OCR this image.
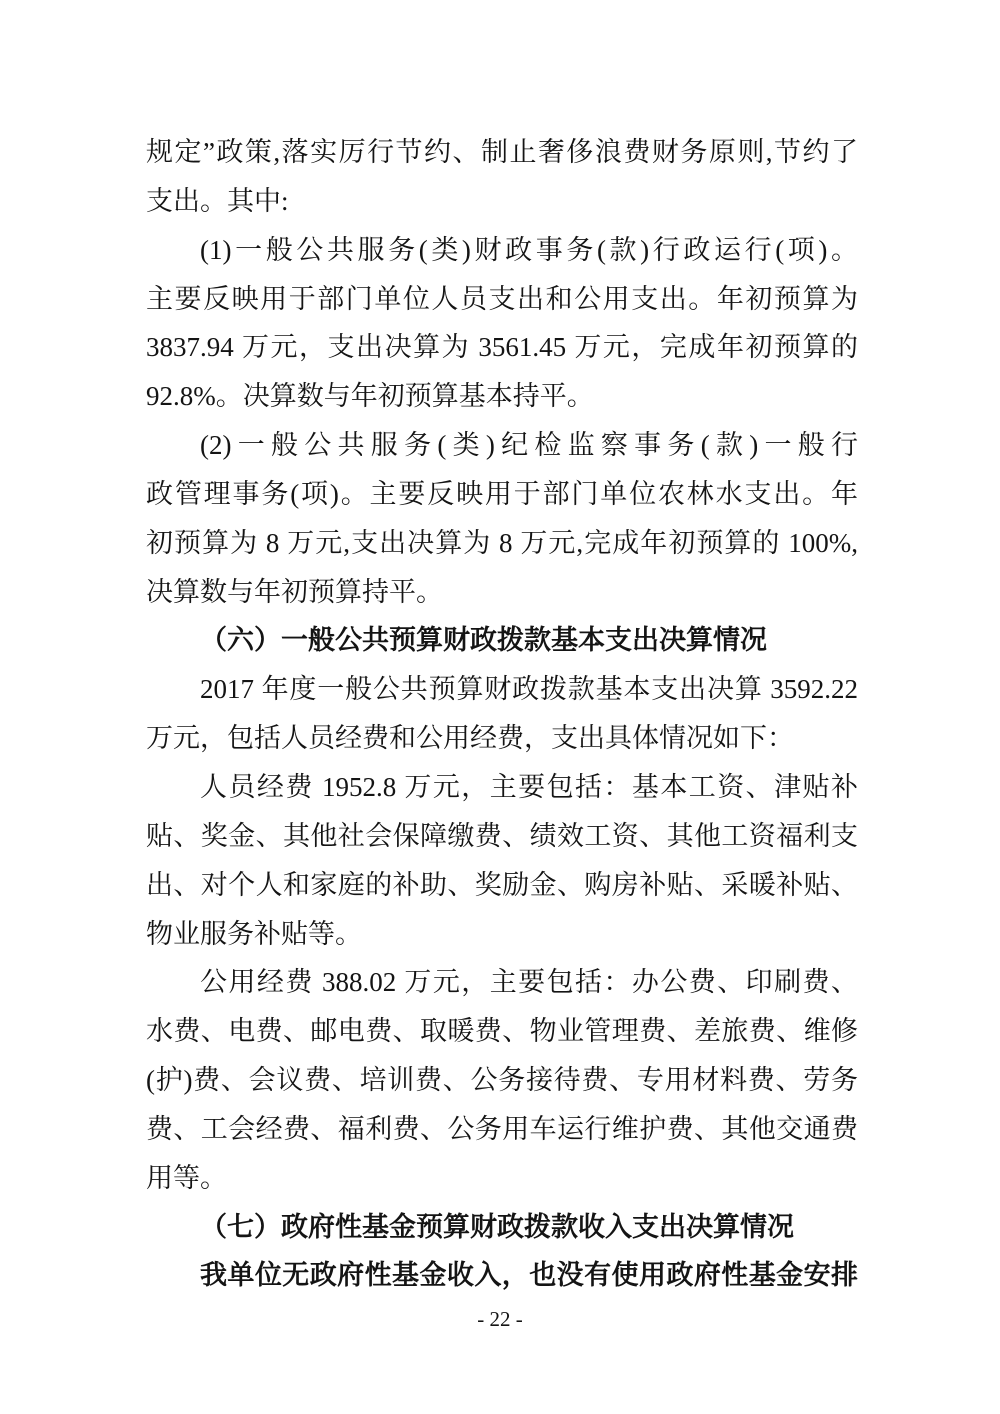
规定”政策,落实厉行节约、制止奢侈浪费财务原则,节约了

支出。其中:

(1)一般公共服务(类)财政事务(款)行政运行(项)。

主要反映用于部门单位人员支出和公用支出。年初预算为

3837.94 万元，支出决算为 3561.45 万元，完成年初预算的

92.8%。决算数与年初预算基本持平。

(2)一般公共服务(类)纪检监察事务(款)一般行

政管理事务(项)。主要反映用于部门单位农林水支出。年

初预算为 8 万元,支出决算为 8 万元,完成年初预算的 100%,

决算数与年初预算持平。

（六）一般公共预算财政拨款基本支出决算情况

2017 年度一般公共预算财政拨款基本支出决算 3592.22

万元，包括人员经费和公用经费，支出具体情况如下：

人员经费 1952.8 万元，主要包括：基本工资、津贴补

贴、奖金、其他社会保障缴费、绩效工资、其他工资福利支

出、对个人和家庭的补助、奖励金、购房补贴、采暖补贴、

物业服务补贴等。

公用经费 388.02 万元，主要包括：办公费、印刷费、

水费、电费、邮电费、取暖费、物业管理费、差旅费、维修

(护)费、会议费、培训费、公务接待费、专用材料费、劳务

费、工会经费、福利费、公务用车运行维护费、其他交通费

用等。

（七）政府性基金预算财政拨款收入支出决算情况

我单位无政府性基金收入，也没有使用政府性基金安排

- 22 -
